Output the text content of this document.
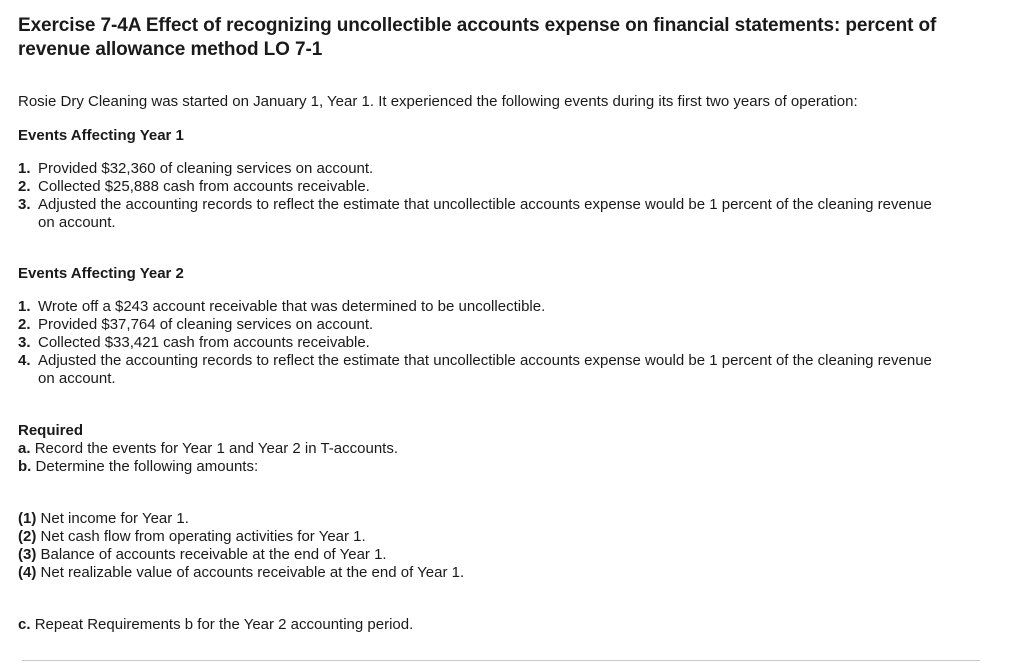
Exercise 7-4A Effect of recognizing uncollectible accounts expense on financial statements: percent of revenue allowance method LO 7-1

Rosie Dry Cleaning was started on January 1, Year 1. It experienced the following events during its first two years of operation:

Events Affecting Year 1
1. Provided $32,360 of cleaning services on account.
2. Collected $25,888 cash from accounts receivable.
3. Adjusted the accounting records to reflect the estimate that uncollectible accounts expense would be 1 percent of the cleaning revenue on account.
Events Affecting Year 2
1. Wrote off a $243 account receivable that was determined to be uncollectible.
2. Provided $37,764 of cleaning services on account.
3. Collected $33,421 cash from accounts receivable.
4. Adjusted the accounting records to reflect the estimate that uncollectible accounts expense would be 1 percent of the cleaning revenue on account.
Required
a. Record the events for Year 1 and Year 2 in T-accounts.
b. Determine the following amounts:
(1) Net income for Year 1.
(2) Net cash flow from operating activities for Year 1.
(3) Balance of accounts receivable at the end of Year 1.
(4) Net realizable value of accounts receivable at the end of Year 1.
c. Repeat Requirements b for the Year 2 accounting period.
